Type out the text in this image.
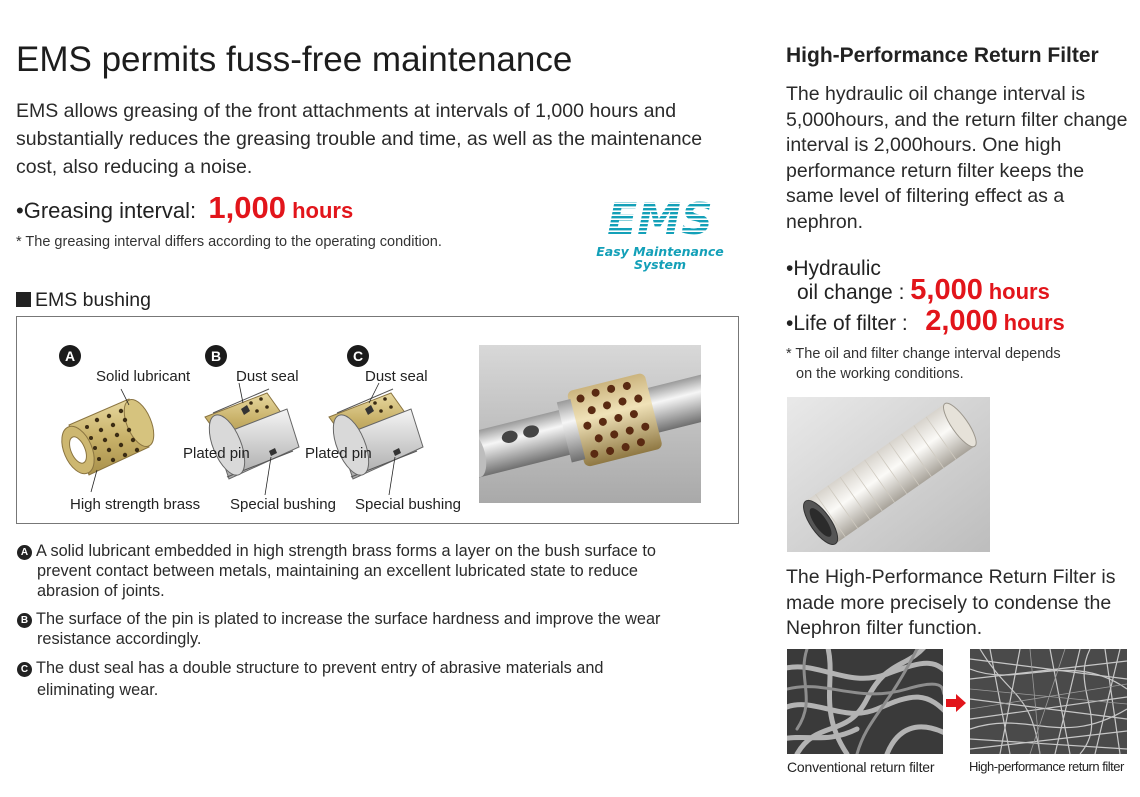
EMS permits fuss-free maintenance
EMS allows greasing of the front attachments at intervals of 1,000 hours and substantially reduces the greasing trouble and time, as well as the maintenance cost, also reducing a noise.
•Greasing interval: 1,000 hours
* The greasing interval differs according to the operating condition.	EMS
Easy Maintenance
System
EMS bushing
A	B	C
Solid lubricant
High strength brass
Dust seal
Plated pin
Special bushing
Dust seal
Plated pin
Special bushing
A A solid lubricant embedded in high strength brass forms a layer on the bush surface to
prevent contact between metals, maintaining an excellent lubricated state to reduce
abrasion of joints.
B The surface of the pin is plated to increase the surface hardness and improve the wear
resistance accordingly.
C The dust seal has a double structure to prevent entry of abrasive materials and
eliminating wear.
High-Performance Return Filter
The hydraulic oil change interval is 5,000hours, and the return filter change interval is 2,000hours. One high performance return filter keeps the same level of filtering effect as a nephron.
•Hydraulic
oil change : 5,000 hours
•Life of filter : 2,000 hours
* The oil and filter change interval depends
on the working conditions.
The High-Performance Return Filter is made more precisely to condense the Nephron filter function.
Conventional return filter	High-performance return filter
